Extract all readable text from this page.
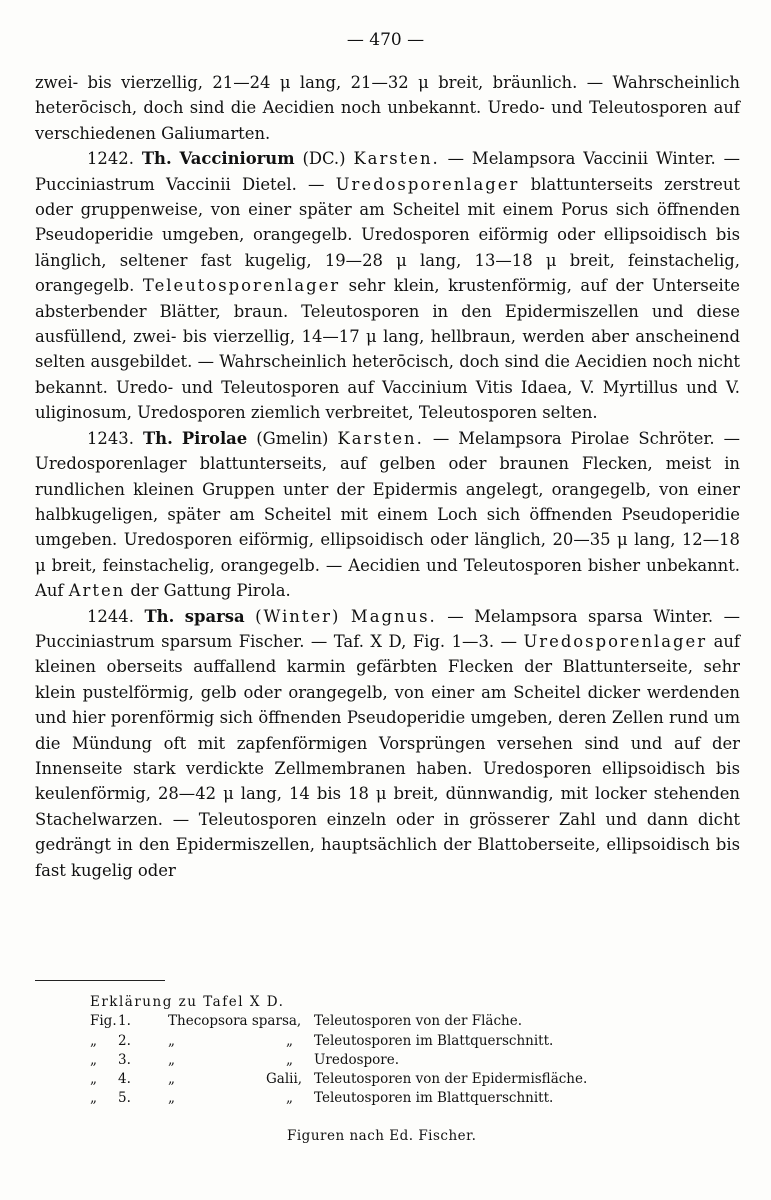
— 470 —

zwei- bis vierzellig, 21—24 μ lang, 21—32 μ breit, bräunlich. — Wahrscheinlich heterōcisch, doch sind die Aecidien noch unbekannt. Uredo- und Teleutosporen auf verschiedenen Galiumarten.

1242. Th. Vacciniorum (DC.) Karsten. — Melampsora Vaccinii Winter. — Pucciniastrum Vaccinii Dietel. — Uredosporenlager blattunterseits zerstreut oder gruppenweise, von einer später am Scheitel mit einem Porus sich öffnenden Pseudoperidie umgeben, orangegelb. Uredosporen eiförmig oder ellipsoidisch bis länglich, seltener fast kugelig, 19—28 μ lang, 13—18 μ breit, feinstachelig, orangegelb. Teleutosporenlager sehr klein, krustenförmig, auf der Unterseite absterbender Blätter, braun. Teleutosporen in den Epidermiszellen und diese ausfüllend, zwei- bis vierzellig, 14—17 μ lang, hellbraun, werden aber anscheinend selten ausgebildet. — Wahrscheinlich heterōcisch, doch sind die Aecidien noch nicht bekannt. Uredo- und Teleutosporen auf Vaccinium Vitis Idaea, V. Myrtillus und V. uliginosum, Uredosporen ziemlich verbreitet, Teleutosporen selten.

1243. Th. Pirolae (Gmelin) Karsten. — Melampsora Pirolae Schröter. — Uredosporenlager blattunterseits, auf gelben oder braunen Flecken, meist in rundlichen kleinen Gruppen unter der Epidermis angelegt, orangegelb, von einer halbkugeligen, später am Scheitel mit einem Loch sich öffnenden Pseudoperidie umgeben. Uredosporen eiförmig, ellipsoidisch oder länglich, 20—35 μ lang, 12—18 μ breit, feinstachelig, orangegelb. — Aecidien und Teleutosporen bisher unbekannt. Auf Arten der Gattung Pirola.

1244. Th. sparsa (Winter) Magnus. — Melampsora sparsa Winter. — Pucciniastrum sparsum Fischer. — Taf. X D, Fig. 1—3. — Uredosporenlager auf kleinen oberseits auffallend karmin gefärbten Flecken der Blattunterseite, sehr klein pustelförmig, gelb oder orangegelb, von einer am Scheitel dicker werdenden und hier porenförmig sich öffnenden Pseudoperidie umgeben, deren Zellen rund um die Mündung oft mit zapfenförmigen Vorsprüngen versehen sind und auf der Innenseite stark verdickte Zellmembranen haben. Uredosporen ellipsoidisch bis keulenförmig, 28—42 μ lang, 14 bis 18 μ breit, dünnwandig, mit locker stehenden Stachelwarzen. — Teleutosporen einzeln oder in grösserer Zahl und dann dicht gedrängt in den Epidermiszellen, hauptsächlich der Blattoberseite, ellipsoidisch bis fast kugelig oder

Erklärung zu Tafel X D.
Fig. 1.	Thecopsora sparsa, Teleutosporen von der Fläche.
„ 2.	„	„ Teleutosporen im Blattquerschnitt.
„ 3.	„	„ Uredospore.
„ 4.	„	Galii, Teleutosporen von der Epidermisfläche.
„ 5.	„	„ Teleutosporen im Blattquerschnitt.
Figuren nach Ed. Fischer.
